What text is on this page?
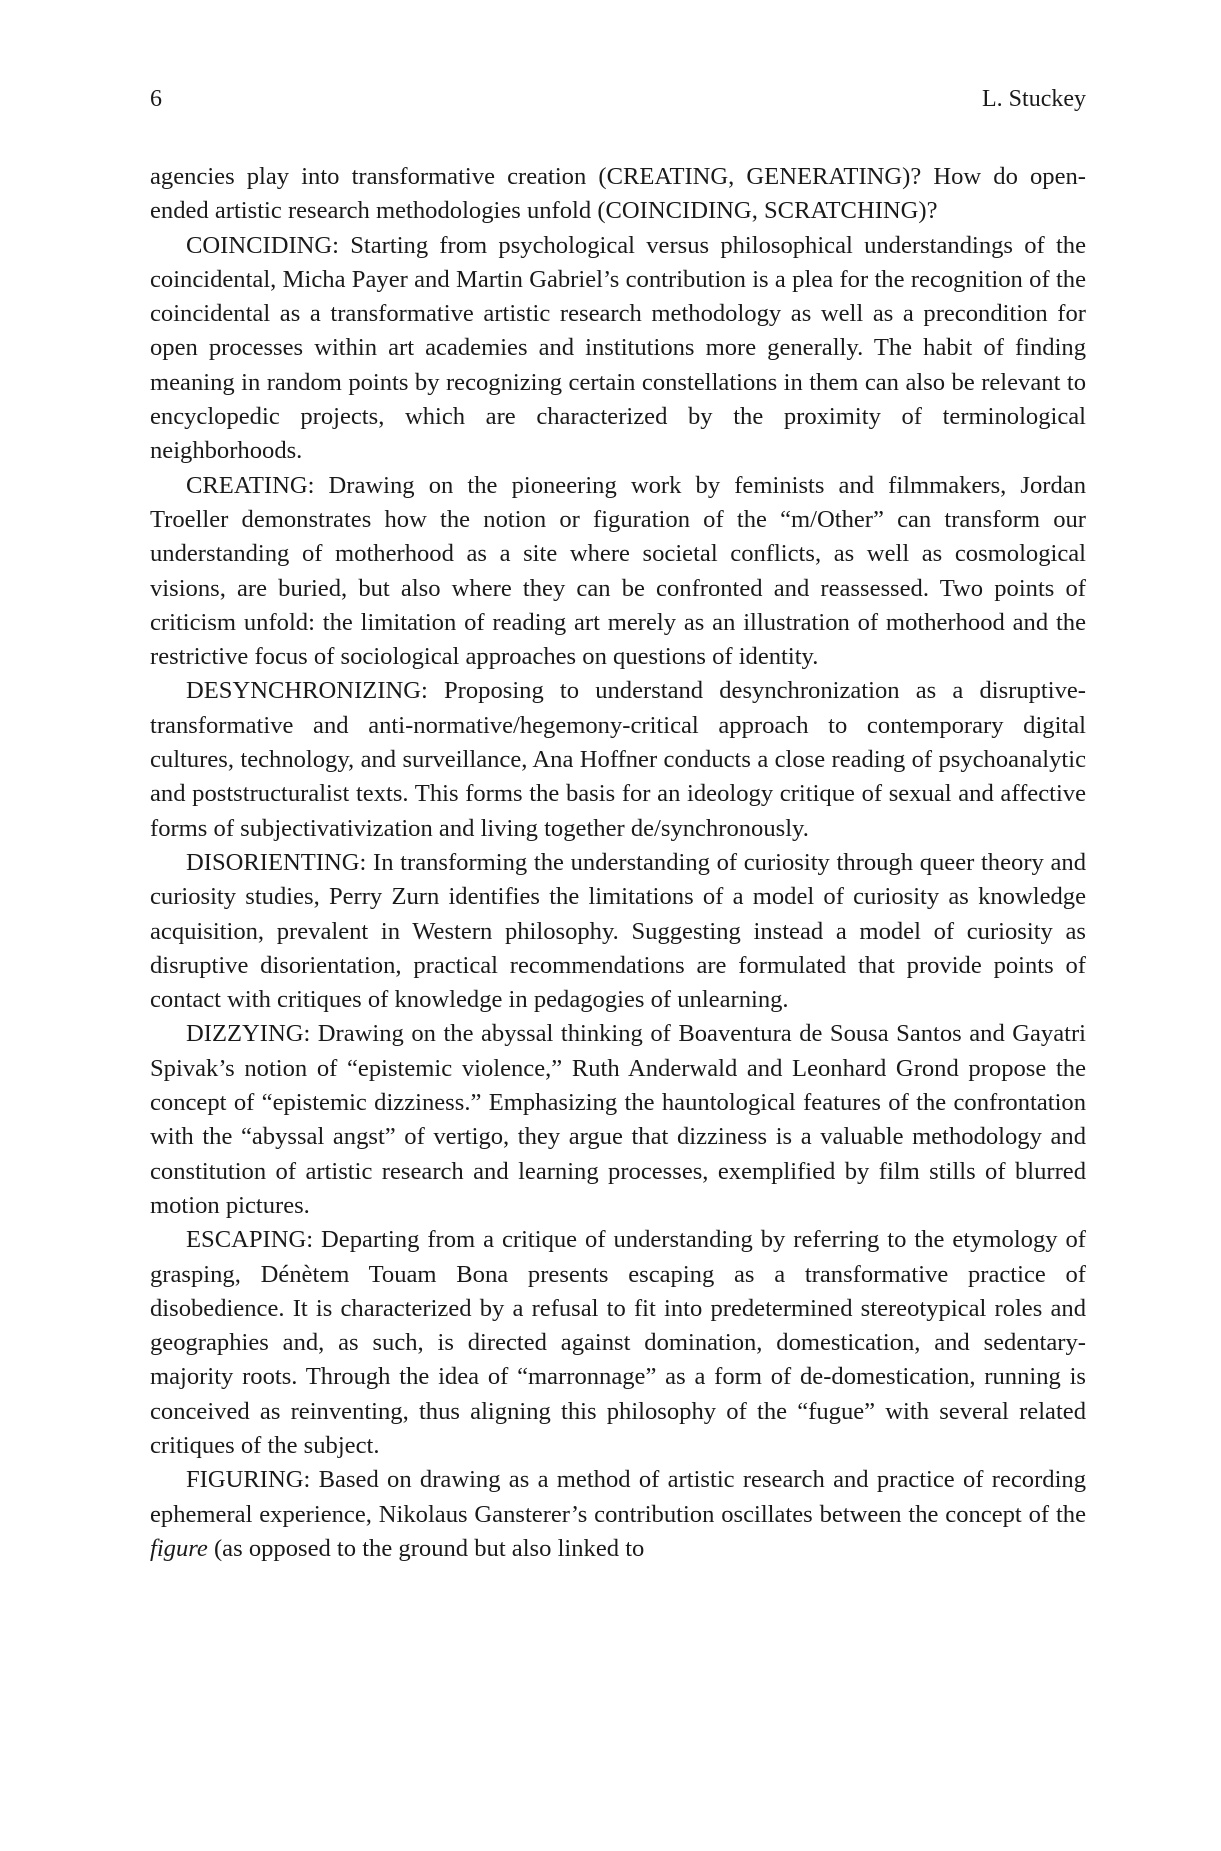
6	L. Stuckey

agencies play into transformative creation (CREATING, GENERATING)? How do open-ended artistic research methodologies unfold (COINCIDING, SCRATCHING)?

COINCIDING: Starting from psychological versus philosophical understandings of the coincidental, Micha Payer and Martin Gabriel’s contribution is a plea for the recognition of the coincidental as a transformative artistic research methodology as well as a precondition for open processes within art academies and institutions more generally. The habit of finding meaning in random points by recognizing certain constellations in them can also be relevant to encyclopedic projects, which are characterized by the proximity of terminological neighborhoods.

CREATING: Drawing on the pioneering work by feminists and filmmakers, Jordan Troeller demonstrates how the notion or figuration of the “m/Other” can transform our understanding of motherhood as a site where societal conflicts, as well as cosmological visions, are buried, but also where they can be confronted and reassessed. Two points of criticism unfold: the limitation of reading art merely as an illustration of motherhood and the restrictive focus of sociological approaches on questions of identity.

DESYNCHRONIZING: Proposing to understand desynchronization as a disruptive-transformative and anti-normative/hegemony-critical approach to contemporary digital cultures, technology, and surveillance, Ana Hoffner conducts a close reading of psychoanalytic and poststructuralist texts. This forms the basis for an ideology critique of sexual and affective forms of subjectivativization and living together de/synchronously.

DISORIENTING: In transforming the understanding of curiosity through queer theory and curiosity studies, Perry Zurn identifies the limitations of a model of curiosity as knowledge acquisition, prevalent in Western philosophy. Suggesting instead a model of curiosity as disruptive disorientation, practical recommendations are formulated that provide points of contact with critiques of knowledge in pedagogies of unlearning.

DIZZYING: Drawing on the abyssal thinking of Boaventura de Sousa Santos and Gayatri Spivak’s notion of “epistemic violence,” Ruth Anderwald and Leonhard Grond propose the concept of “epistemic dizziness.” Emphasizing the hauntological features of the confrontation with the “abyssal angst” of vertigo, they argue that dizziness is a valuable methodology and constitution of artistic research and learning processes, exemplified by film stills of blurred motion pictures.

ESCAPING: Departing from a critique of understanding by referring to the etymology of grasping, Dénètem Touam Bona presents escaping as a transformative practice of disobedience. It is characterized by a refusal to fit into predetermined stereotypical roles and geographies and, as such, is directed against domination, domestication, and sedentary-majority roots. Through the idea of “marronnage” as a form of de-domestication, running is conceived as reinventing, thus aligning this philosophy of the “fugue” with several related critiques of the subject.

FIGURING: Based on drawing as a method of artistic research and practice of recording ephemeral experience, Nikolaus Gansterer’s contribution oscillates between the concept of the figure (as opposed to the ground but also linked to
